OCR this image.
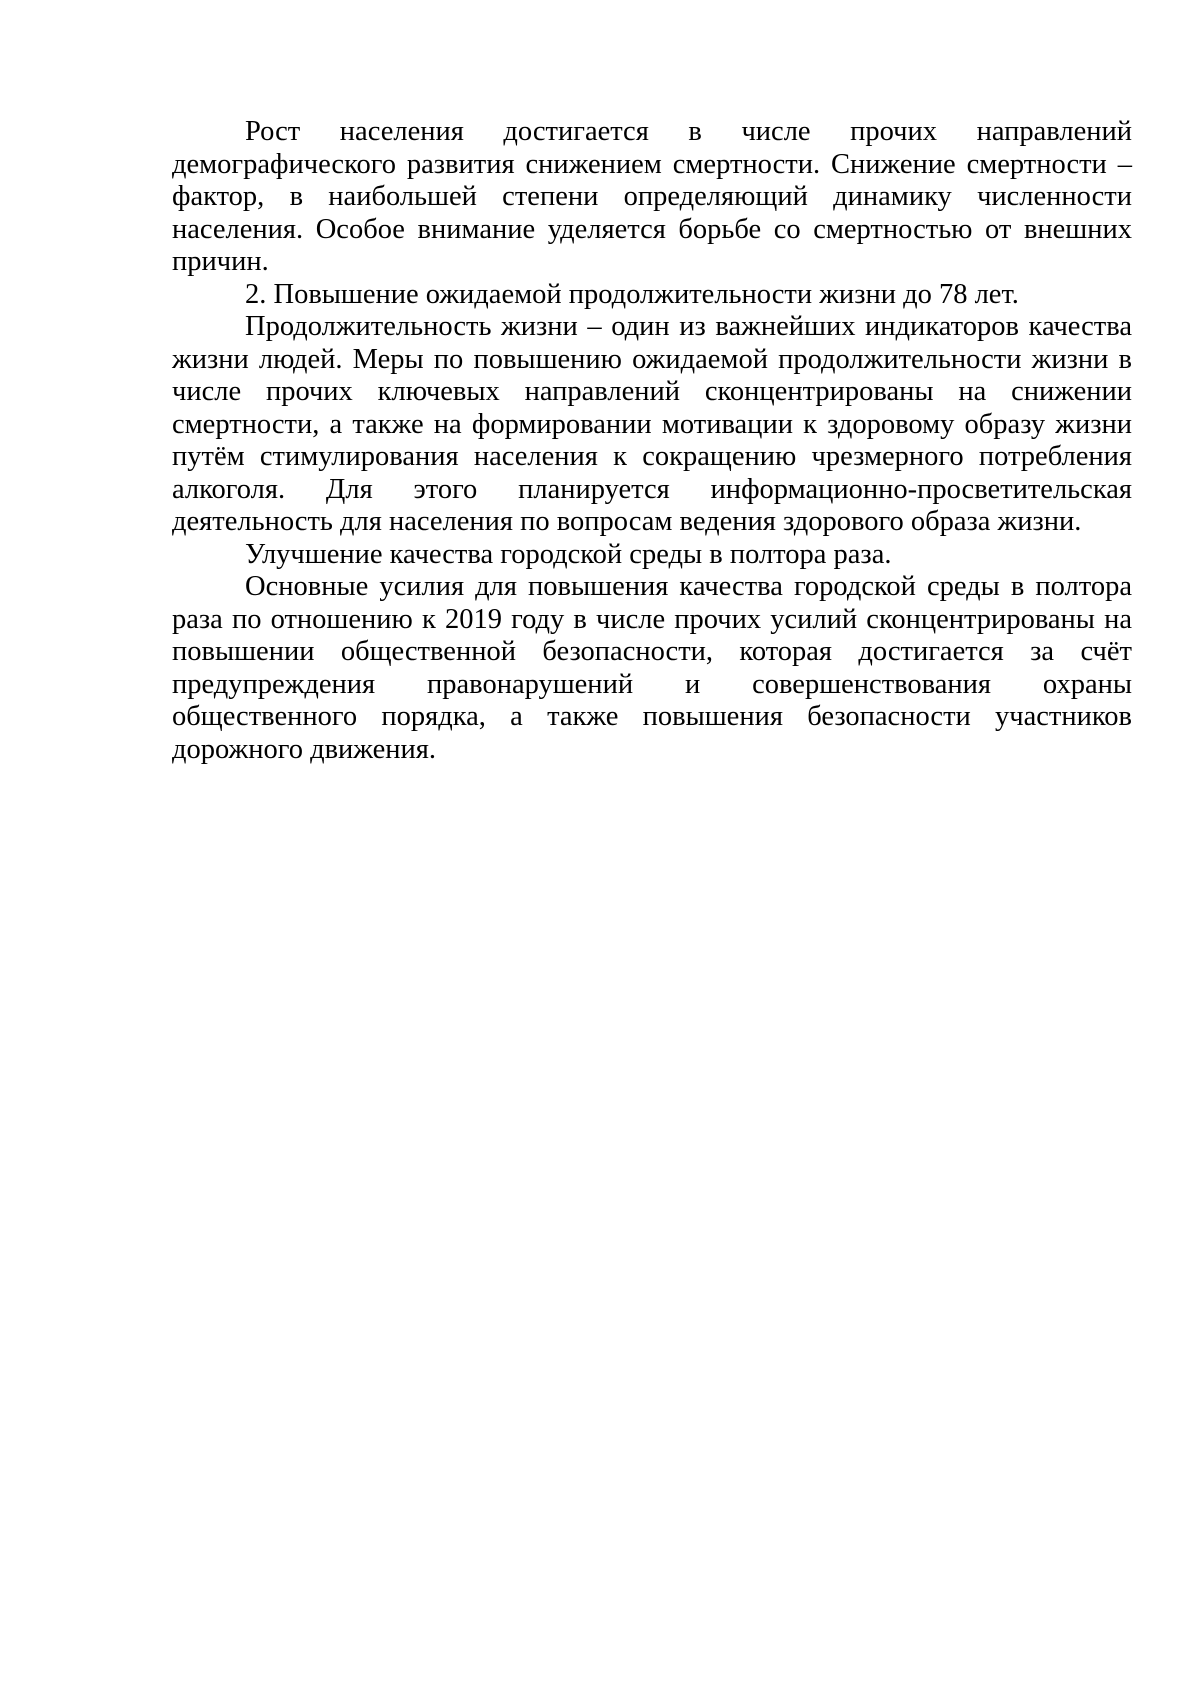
Рост населения достигается в числе прочих направлений демографического развития снижением смертности. Снижение смертности – фактор, в наибольшей степени определяющий динамику численности населения. Особое внимание уделяется борьбе со смертностью от внешних причин.

2. Повышение ожидаемой продолжительности жизни до 78 лет.

Продолжительность жизни – один из важнейших индикаторов качества жизни людей. Меры по повышению ожидаемой продолжительности жизни в числе прочих ключевых направлений сконцентрированы на снижении смертности, а также на формировании мотивации к здоровому образу жизни путём стимулирования населения к сокращению чрезмерного потребления алкоголя. Для этого планируется информационно-просветительская деятельность для населения по вопросам ведения здорового образа жизни.

Улучшение качества городской среды в полтора раза.

Основные усилия для повышения качества городской среды в полтора раза по отношению к 2019 году в числе прочих усилий сконцентрированы на повышении общественной безопасности, которая достигается за счёт предупреждения правонарушений и совершенствования охраны общественного порядка, а также повышения безопасности участников дорожного движения.
